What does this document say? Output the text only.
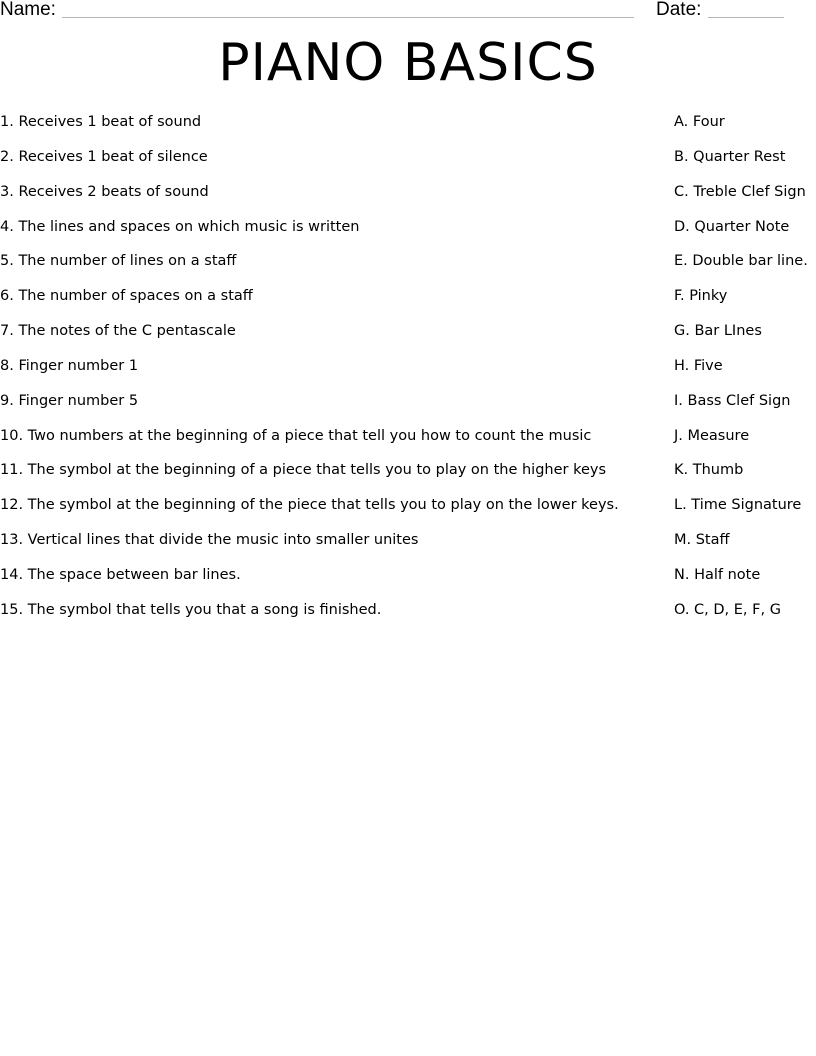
Name:	Date:
PIANO BASICS
1. Receives 1 beat of sound
2. Receives 1 beat of silence
3. Receives 2 beats of sound
4. The lines and spaces on which music is written
5. The number of lines on a staff
6. The number of spaces on a staff
7. The notes of the C pentascale
8. Finger number 1
9. Finger number 5
10. Two numbers at the beginning of a piece that tell you how to count the music
11. The symbol at the beginning of a piece that tells you to play on the higher keys
12. The symbol at the beginning of the piece that tells you to play on the lower keys.
13. Vertical lines that divide the music into smaller unites
14. The space between bar lines.
15. The symbol that tells you that a song is finished.
A. Four
B. Quarter Rest
C. Treble Clef Sign
D. Quarter Note
E. Double bar line.
F. Pinky
G. Bar LInes
H. Five
I. Bass Clef Sign
J. Measure
K. Thumb
L. Time Signature
M. Staff
N. Half note
O. C, D, E, F, G
